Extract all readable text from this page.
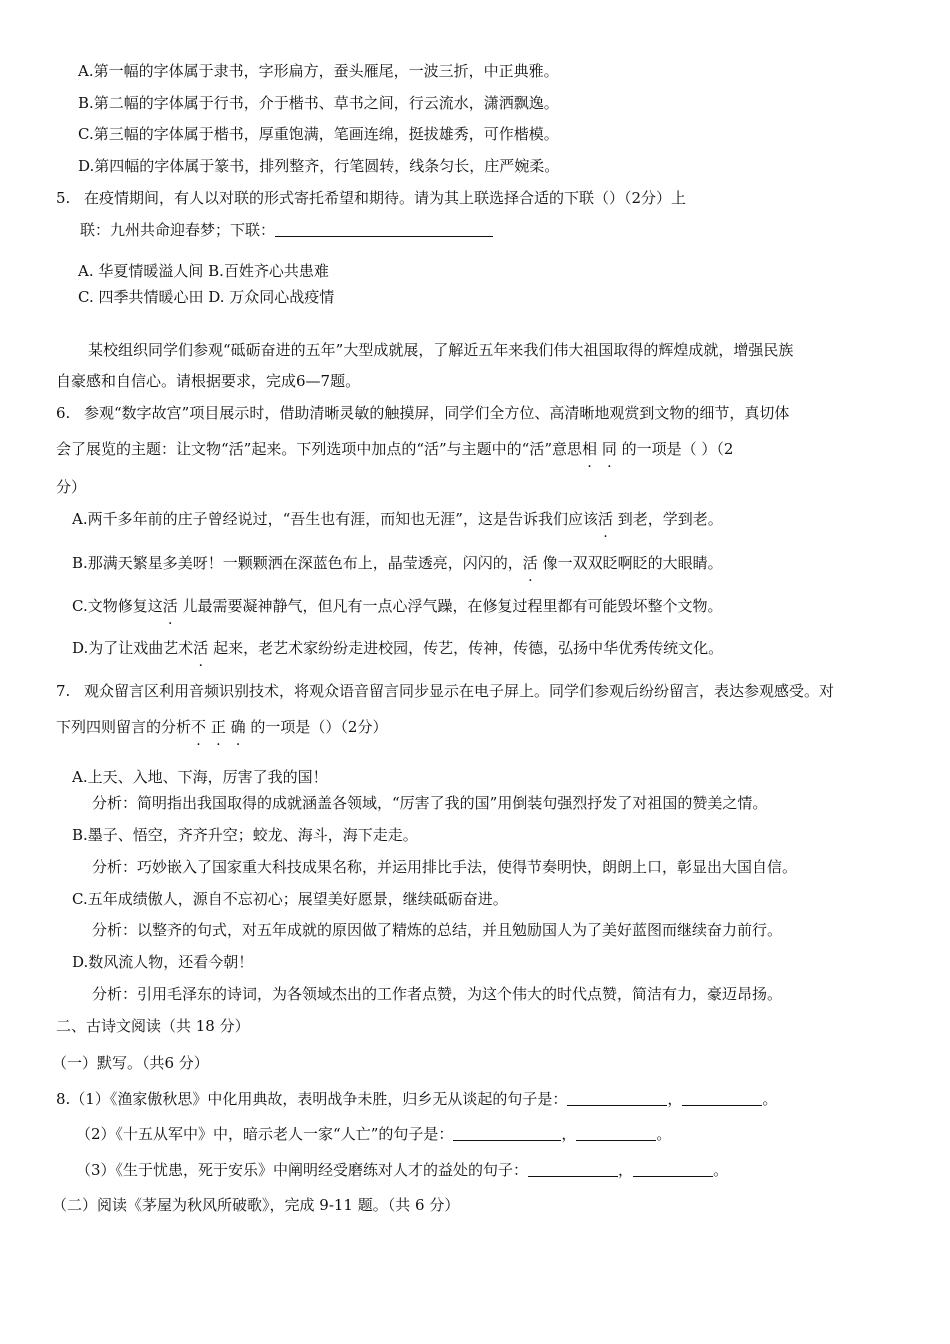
A.第一幅的字体属于隶书，字形扁方，蚕头雁尾，一波三折，中正典雅。
B.第二幅的字体属于行书，介于楷书、草书之间，行云流水，潇洒飘逸。
C.第三幅的字体属于楷书，厚重饱满，笔画连绵，挺拔雄秀，可作楷模。
D.第四幅的字体属于篆书，排列整齐，行笔圆转，线条匀长，庄严婉柔。
5. 在疫情期间，有人以对联的形式寄托希望和期待。请为其上联选择合适的下联（）（2分）上
联：九州共命迎春梦；下联：
A. 华夏情暖溢人间 B.百姓齐心共患难
C. 四季共情暖心田 D. 万众同心战疫情
某校组织同学们参观“砥砺奋进的五年”大型成就展，了解近五年来我们伟大祖国取得的辉煌成就，增强民族
自豪感和自信心。请根据要求，完成6—7题。
6. 参观“数字故宫”项目展示时，借助清晰灵敏的触摸屏，同学们全方位、高清晰地观赏到文物的细节，真切体
会了展览的主题：让文物“活”起来。下列选项中加点的“活”与主题中的“活”意思相 同 的一项是（ ）（2
分）
A.两千多年前的庄子曾经说过，“吾生也有涯，而知也无涯”，这是告诉我们应该活 到老，学到老。
B.那满天繁星多美呀！一颗颗洒在深蓝色布上，晶莹透亮，闪闪的，活 像一双双眨啊眨的大眼睛。
C.文物修复这活 儿最需要凝神静气，但凡有一点心浮气躁，在修复过程里都有可能毁坏整个文物。
D.为了让戏曲艺术活 起来，老艺术家纷纷走进校园，传艺，传神，传德，弘扬中华优秀传统文化。
7. 观众留言区利用音频识别技术，将观众语音留言同步显示在电子屏上。同学们参观后纷纷留言，表达参观感受。对
下列四则留言的分析不 正 确 的一项是（）（2分）
A.上天、入地、下海，厉害了我的国！
分析：简明指出我国取得的成就涵盖各领域，“厉害了我的国”用倒装句强烈抒发了对祖国的赞美之情。
B.墨子、悟空，齐齐升空；蛟龙、海斗，海下走走。
分析：巧妙嵌入了国家重大科技成果名称，并运用排比手法，使得节奏明快，朗朗上口，彰显出大国自信。
C.五年成绩傲人，源自不忘初心；展望美好愿景，继续砥砺奋进。
分析：以整齐的句式，对五年成就的原因做了精炼的总结，并且勉励国人为了美好蓝图而继续奋力前行。
D.数风流人物，还看今朝！
分析：引用毛泽东的诗词，为各领域杰出的工作者点赞，为这个伟大的时代点赞，简洁有力，豪迈昂扬。
二、古诗文阅读（共 18 分）
（一）默写。（共6 分）
8.（1）《渔家傲秋思》中化用典故，表明战争未胜，归乡无从谈起的句子是：	，	。
（2）《十五从军中》中，暗示老人一家“人亡”的句子是：	，	。
（3）《生于忧患，死于安乐》中阐明经受磨练对人才的益处的句子：	，	。
（二）阅读《茅屋为秋风所破歌》，完成 9-11 题。（共 6 分）
